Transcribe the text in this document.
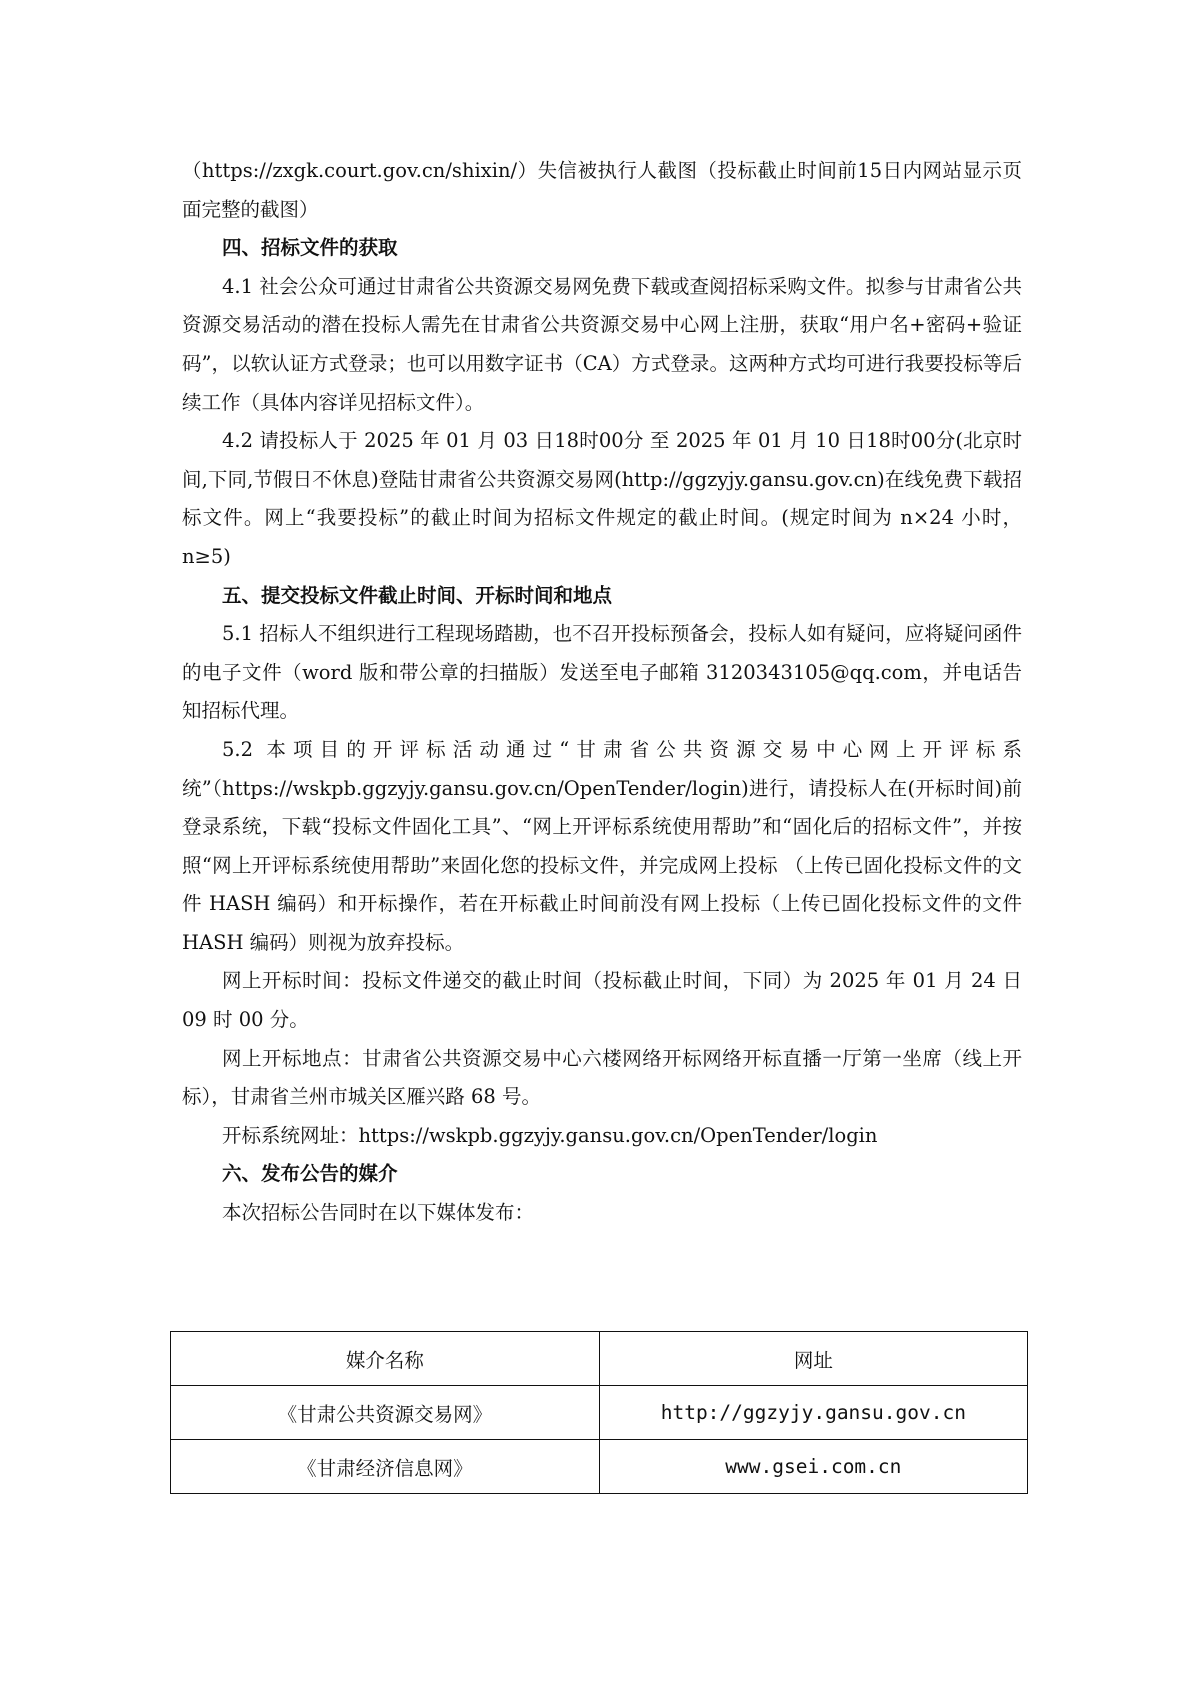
（https://zxgk.court.gov.cn/shixin/）失信被执行人截图（投标截止时间前15日内网站显示页面完整的截图）

四、招标文件的获取

4.1 社会公众可通过甘肃省公共资源交易网免费下载或查阅招标采购文件。拟参与甘肃省公共资源交易活动的潜在投标人需先在甘肃省公共资源交易中心网上注册，获取“用户名+密码+验证码”，以软认证方式登录；也可以用数字证书（CA）方式登录。这两种方式均可进行我要投标等后续工作（具体内容详见招标文件）。

4.2 请投标人于 2025 年 01 月 03 日18时00分 至 2025 年 01 月 10 日18时00分(北京时间,下同,节假日不休息)登陆甘肃省公共资源交易网(http://ggzyjy.gansu.gov.cn)在线免费下载招标文件。网上“我要投标”的截止时间为招标文件规定的截止时间。(规定时间为 n×24 小时，n≥5)

五、提交投标文件截止时间、开标时间和地点

5.1 招标人不组织进行工程现场踏勘，也不召开投标预备会，投标人如有疑问，应将疑问函件的电子文件（word 版和带公章的扫描版）发送至电子邮箱 3120343105@qq.com，并电话告知招标代理。

5.2 本项目的开评标活动通过“甘肃省公共资源交易中心网上开评标系统”（https://wskpb.ggzyjy.gansu.gov.cn/OpenTender/login)进行，请投标人在(开标时间)前登录系统，下载“投标文件固化工具”、“网上开评标系统使用帮助”和“固化后的招标文件”，并按照“网上开评标系统使用帮助”来固化您的投标文件，并完成网上投标 （上传已固化投标文件的文件 HASH 编码）和开标操作，若在开标截止时间前没有网上投标（上传已固化投标文件的文件 HASH 编码）则视为放弃投标。

网上开标时间：投标文件递交的截止时间（投标截止时间，下同）为 2025 年 01 月 24 日 09 时 00 分。

网上开标地点：甘肃省公共资源交易中心六楼网络开标网络开标直播一厅第一坐席（线上开标），甘肃省兰州市城关区雁兴路 68 号。

开标系统网址：https://wskpb.ggzyjy.gansu.gov.cn/OpenTender/login

六、发布公告的媒介

本次招标公告同时在以下媒体发布：

媒介名称	网址
《甘肃公共资源交易网》	http://ggzyjy.gansu.gov.cn
《甘肃经济信息网》	www.gsei.com.cn
